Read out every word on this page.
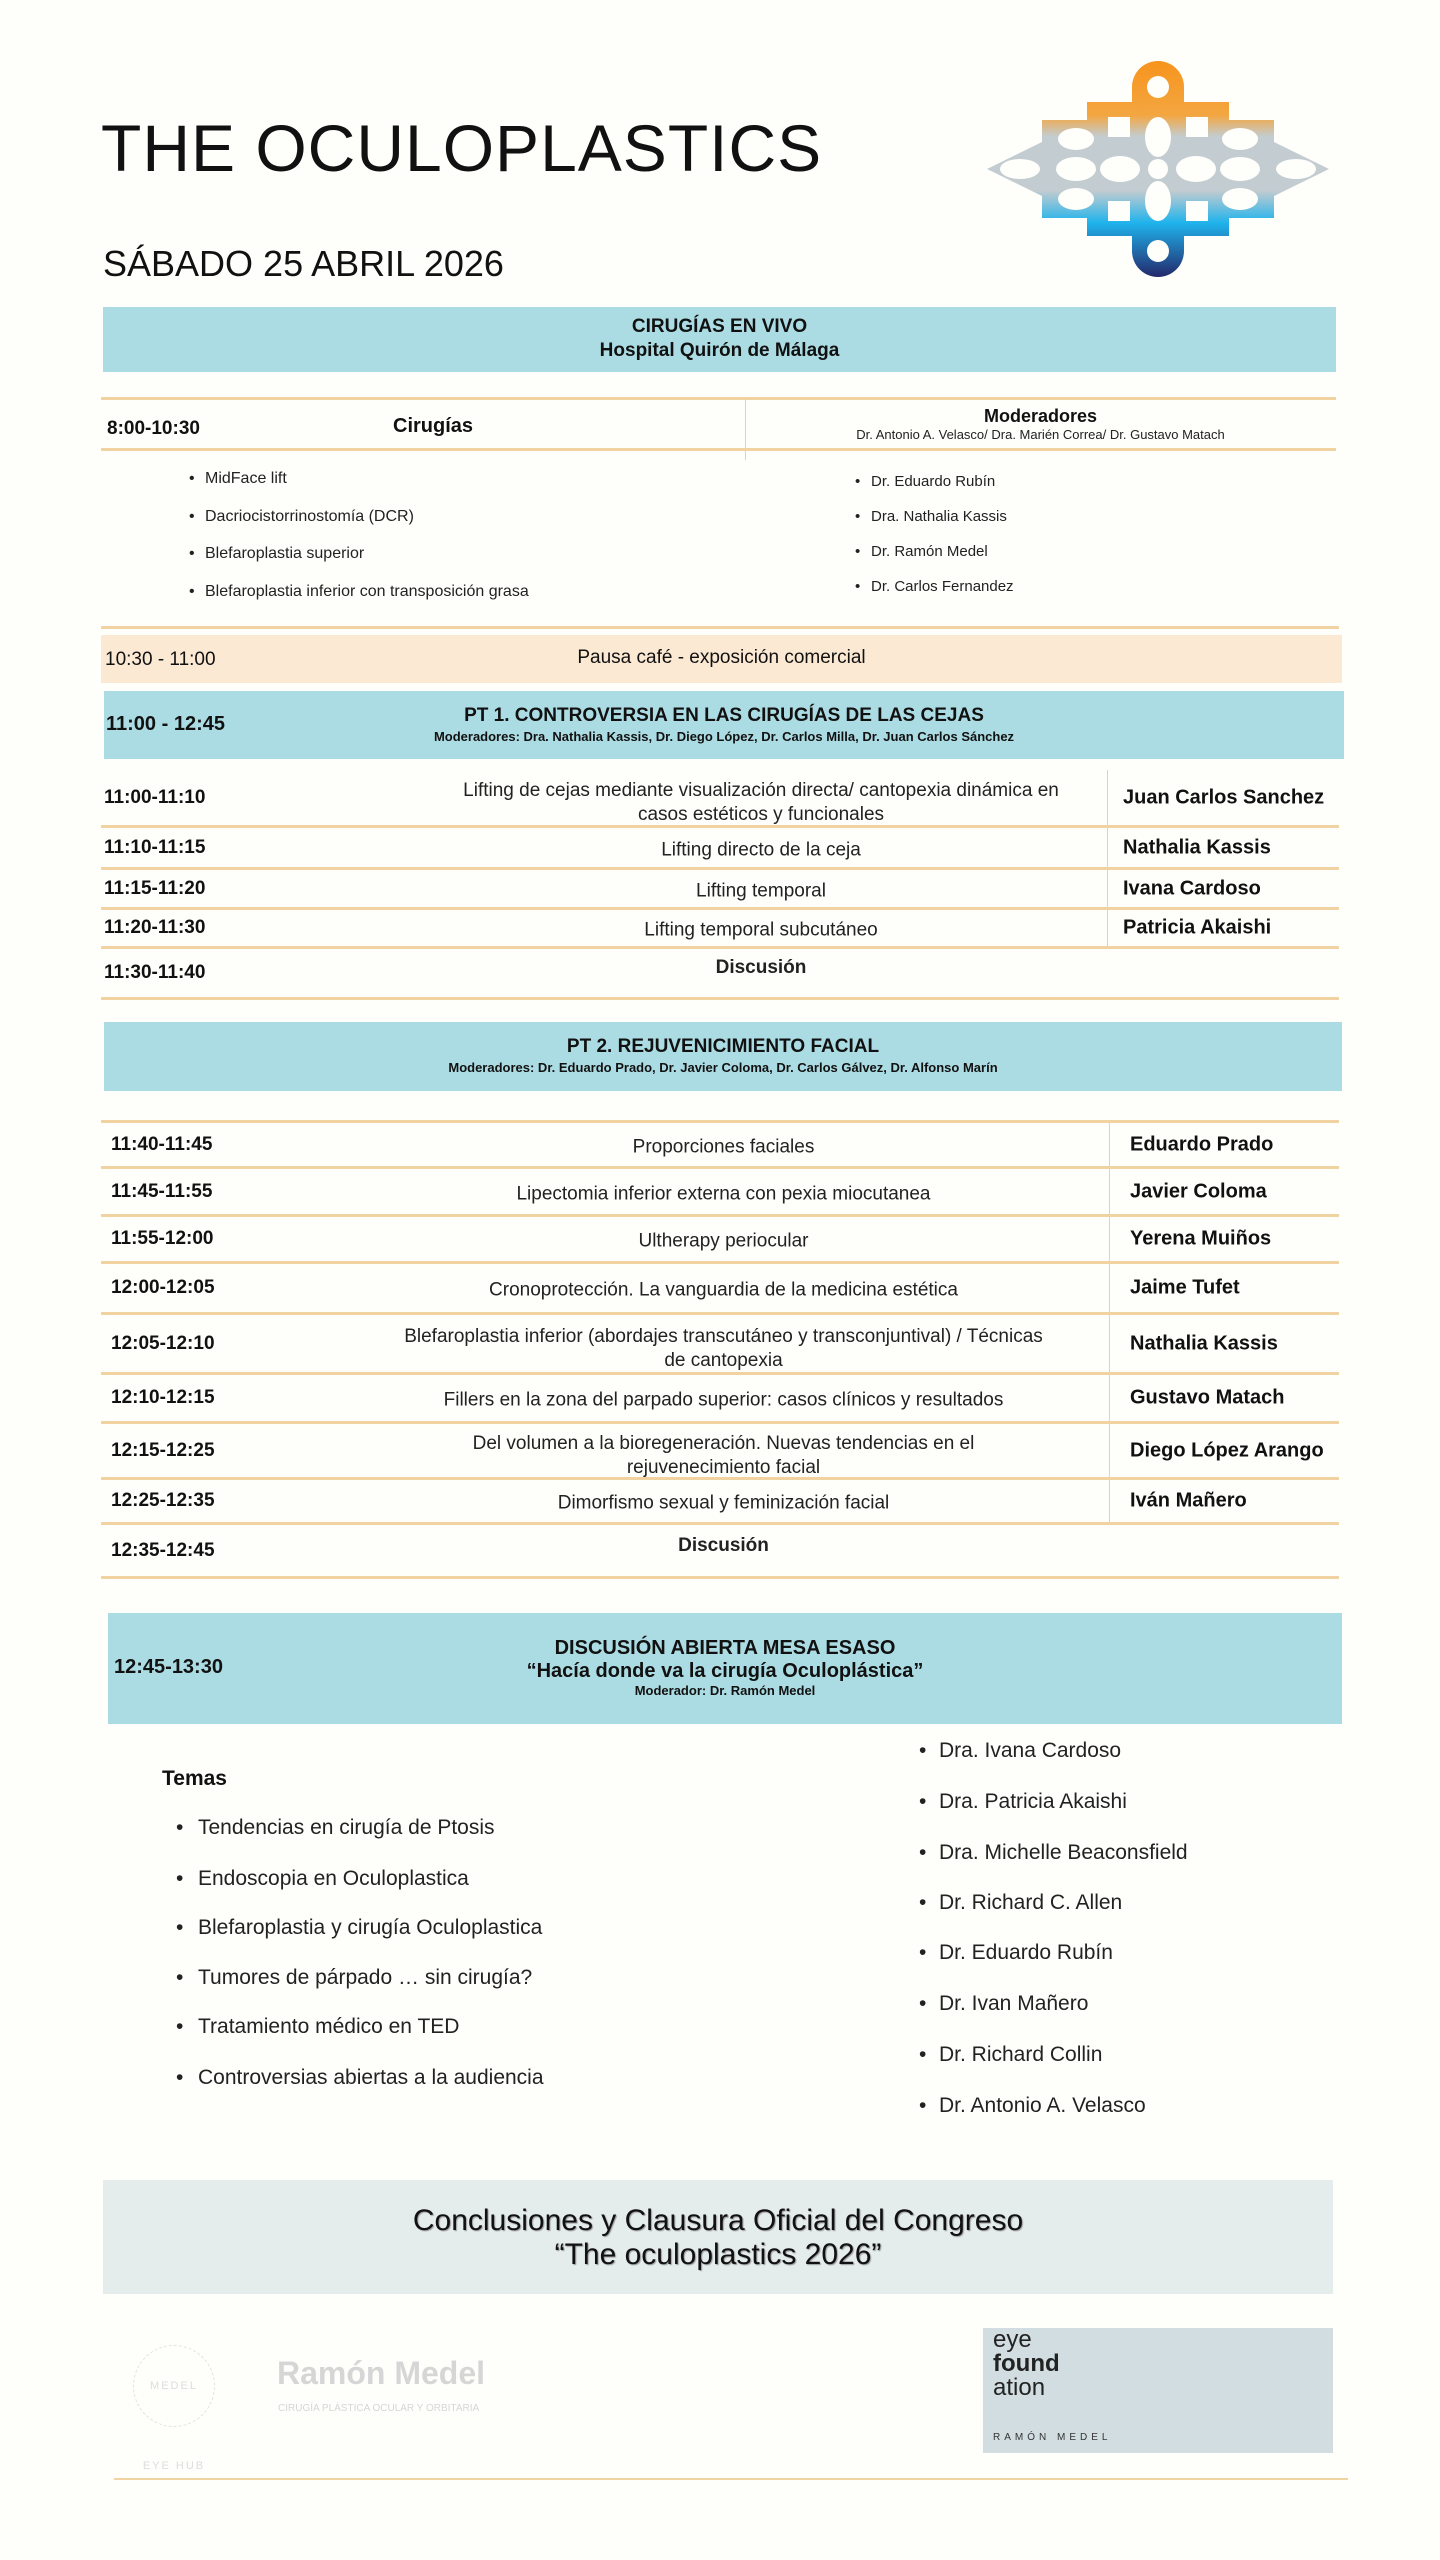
THE OCULOPLASTICS
SÁBADO 25 ABRIL 2026
CIRUGÍAS EN VIVO
Hospital Quirón de Málaga
8:00-10:30	Cirugías	Moderadores
Dr. Antonio A. Velasco/ Dra. Marién Correa/ Dr. Gustavo Matach
10:30 - 11:00	Pausa café - exposición comercial
11:00 - 12:45	PT 1. CONTROVERSIA EN LAS CIRUGÍAS DE LAS CEJAS
Moderadores: Dra. Nathalia Kassis, Dr. Diego López, Dr. Carlos Milla, Dr. Juan Carlos Sánchez
PT 2. REJUVENICIMIENTO FACIAL
Moderadores: Dr. Eduardo Prado, Dr. Javier Coloma, Dr. Carlos Gálvez, Dr. Alfonso Marín
12:45-13:30
DISCUSIÓN ABIERTA MESA ESASO
“Hacía donde va la cirugía Oculoplástica”
Moderador: Dr. Ramón Medel
Temas
Conclusiones y Clausura Oficial del Congreso
“The oculoplastics 2026”
MEDEL EYE HUB
Ramón Medel
CIRUGÍA PLÁSTICA OCULAR Y ORBITARIA
eye
found
ation
RAMÓN MEDEL
• MidFace lift
• Dacriocistorrinostomía (DCR)
• Blefaroplastia superior
• Blefaroplastia inferior con transposición grasa
• Dr. Eduardo Rubín
• Dra. Nathalia Kassis
• Dr. Ramón Medel
• Dr. Carlos Fernandez
11:00-11:10	Lifting de cejas mediante visualización directa/ cantopexia dinámica en casos estéticos y funcionales
Juan Carlos Sanchez
11:10-11:15	Lifting directo de la ceja	Nathalia Kassis
11:15-11:20	Lifting temporal	Ivana Cardoso
11:20-11:30	Lifting temporal subcutáneo	Patricia Akaishi
11:30-11:40	Discusión
11:40-11:45	Proporciones faciales	Eduardo Prado
11:45-11:55	Lipectomia inferior externa con pexia miocutanea	Javier Coloma
11:55-12:00	Ultherapy periocular	Yerena Muiños
12:00-12:05	Cronoprotección. La vanguardia de la medicina estética	Jaime Tufet
12:05-12:10	Blefaroplastia inferior (abordajes transcutáneo y transconjuntival) / Técnicas de cantopexia
Nathalia Kassis
12:10-12:15	Fillers en la zona del parpado superior: casos clínicos y resultados	Gustavo Matach
12:15-12:25	Del volumen a la bioregeneración. Nuevas tendencias en el rejuvenecimiento facial
Diego López Arango
12:25-12:35	Dimorfismo sexual y feminización facial	Iván Mañero
12:35-12:45	Discusión
• Tendencias en cirugía de Ptosis
• Endoscopia en Oculoplastica
• Blefaroplastia y cirugía Oculoplastica
• Tumores de párpado … sin cirugía?
• Tratamiento médico en TED
• Controversias abiertas a la audiencia
• Dra. Ivana Cardoso
• Dra. Patricia Akaishi
• Dra. Michelle Beaconsfield
• Dr. Richard C. Allen
• Dr. Eduardo Rubín
• Dr. Ivan Mañero
• Dr. Richard Collin
• Dr. Antonio A. Velasco
